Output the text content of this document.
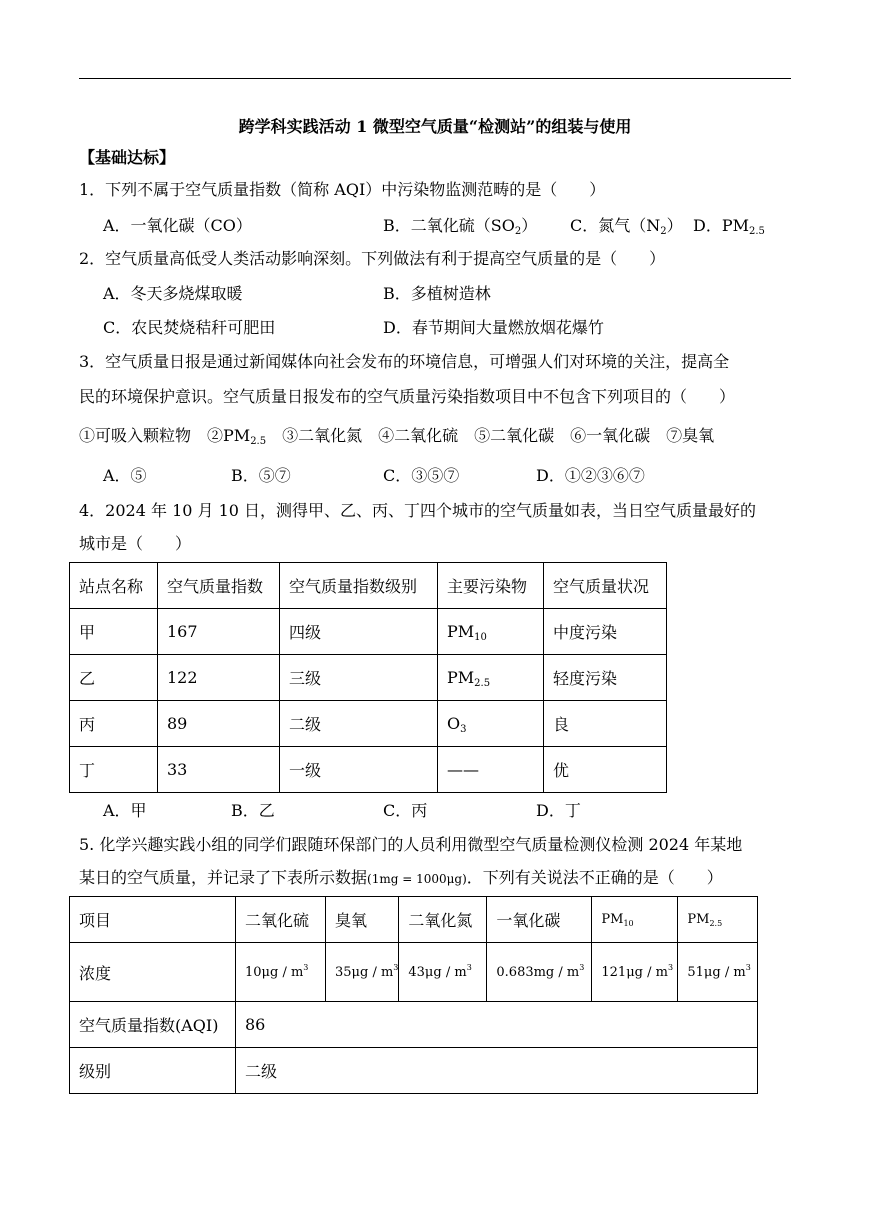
跨学科实践活动 1 微型空气质量“检测站”的组装与使用
【基础达标】
1．下列不属于空气质量指数（简称 AQI）中污染物监测范畴的是（　　）
A．一氧化碳（CO）	B．二氧化硫（SO2） C．氮气（N2） D．PM2.5
2．空气质量高低受人类活动影响深刻。下列做法有利于提高空气质量的是（　　）
A．冬天多烧煤取暖	B．多植树造林
C．农民焚烧秸秆可肥田	D．春节期间大量燃放烟花爆竹
3．空气质量日报是通过新闻媒体向社会发布的环境信息，可增强人们对环境的关注，提高全
民的环境保护意识。空气质量日报发布的空气质量污染指数项目中不包含下列项目的（　　）
①可吸入颗粒物　 ②PM2.5　 ③二氧化氮　④二氧化硫　⑤二氧化碳　⑥一氧化碳　⑦臭氧
A．⑤	B．⑤⑦	C．③⑤⑦	D．①②③⑥⑦
4．2024 年 10 月 10 日，测得甲、乙、丙、丁四个城市的空气质量如表，当日空气质量最好的
城市是（　　）
站点名称	空气质量指数	空气质量指数级别	主要污染物	空气质量状况
甲	167	四级	PM10	中度污染
乙	122	三级	PM2.5	轻度污染
丙	89	二级	O3	良
丁	33	一级	——	优
A．甲	B．乙	C．丙	D．丁
5. 化学兴趣实践小组的同学们跟随环保部门的人员利用微型空气质量检测仪检测 2024 年某地
某日的空气质量，并记录了下表所示数据(1mg = 1000μg)．下列有关说法不正确的是（　　）
项目	二氧化硫	臭氧	二氧化氮	一氧化碳	$PM_{10}$	$PM_{2.5}$
浓度	$10\mu g / m^3$	$35\mu g / m^3$	$43\mu g / m^3$	$0.683mg / m^3$	$121\mu g / m^3$	$51\mu g / m^3$
空气质量指数(AQI)	86					
级别	二级					
